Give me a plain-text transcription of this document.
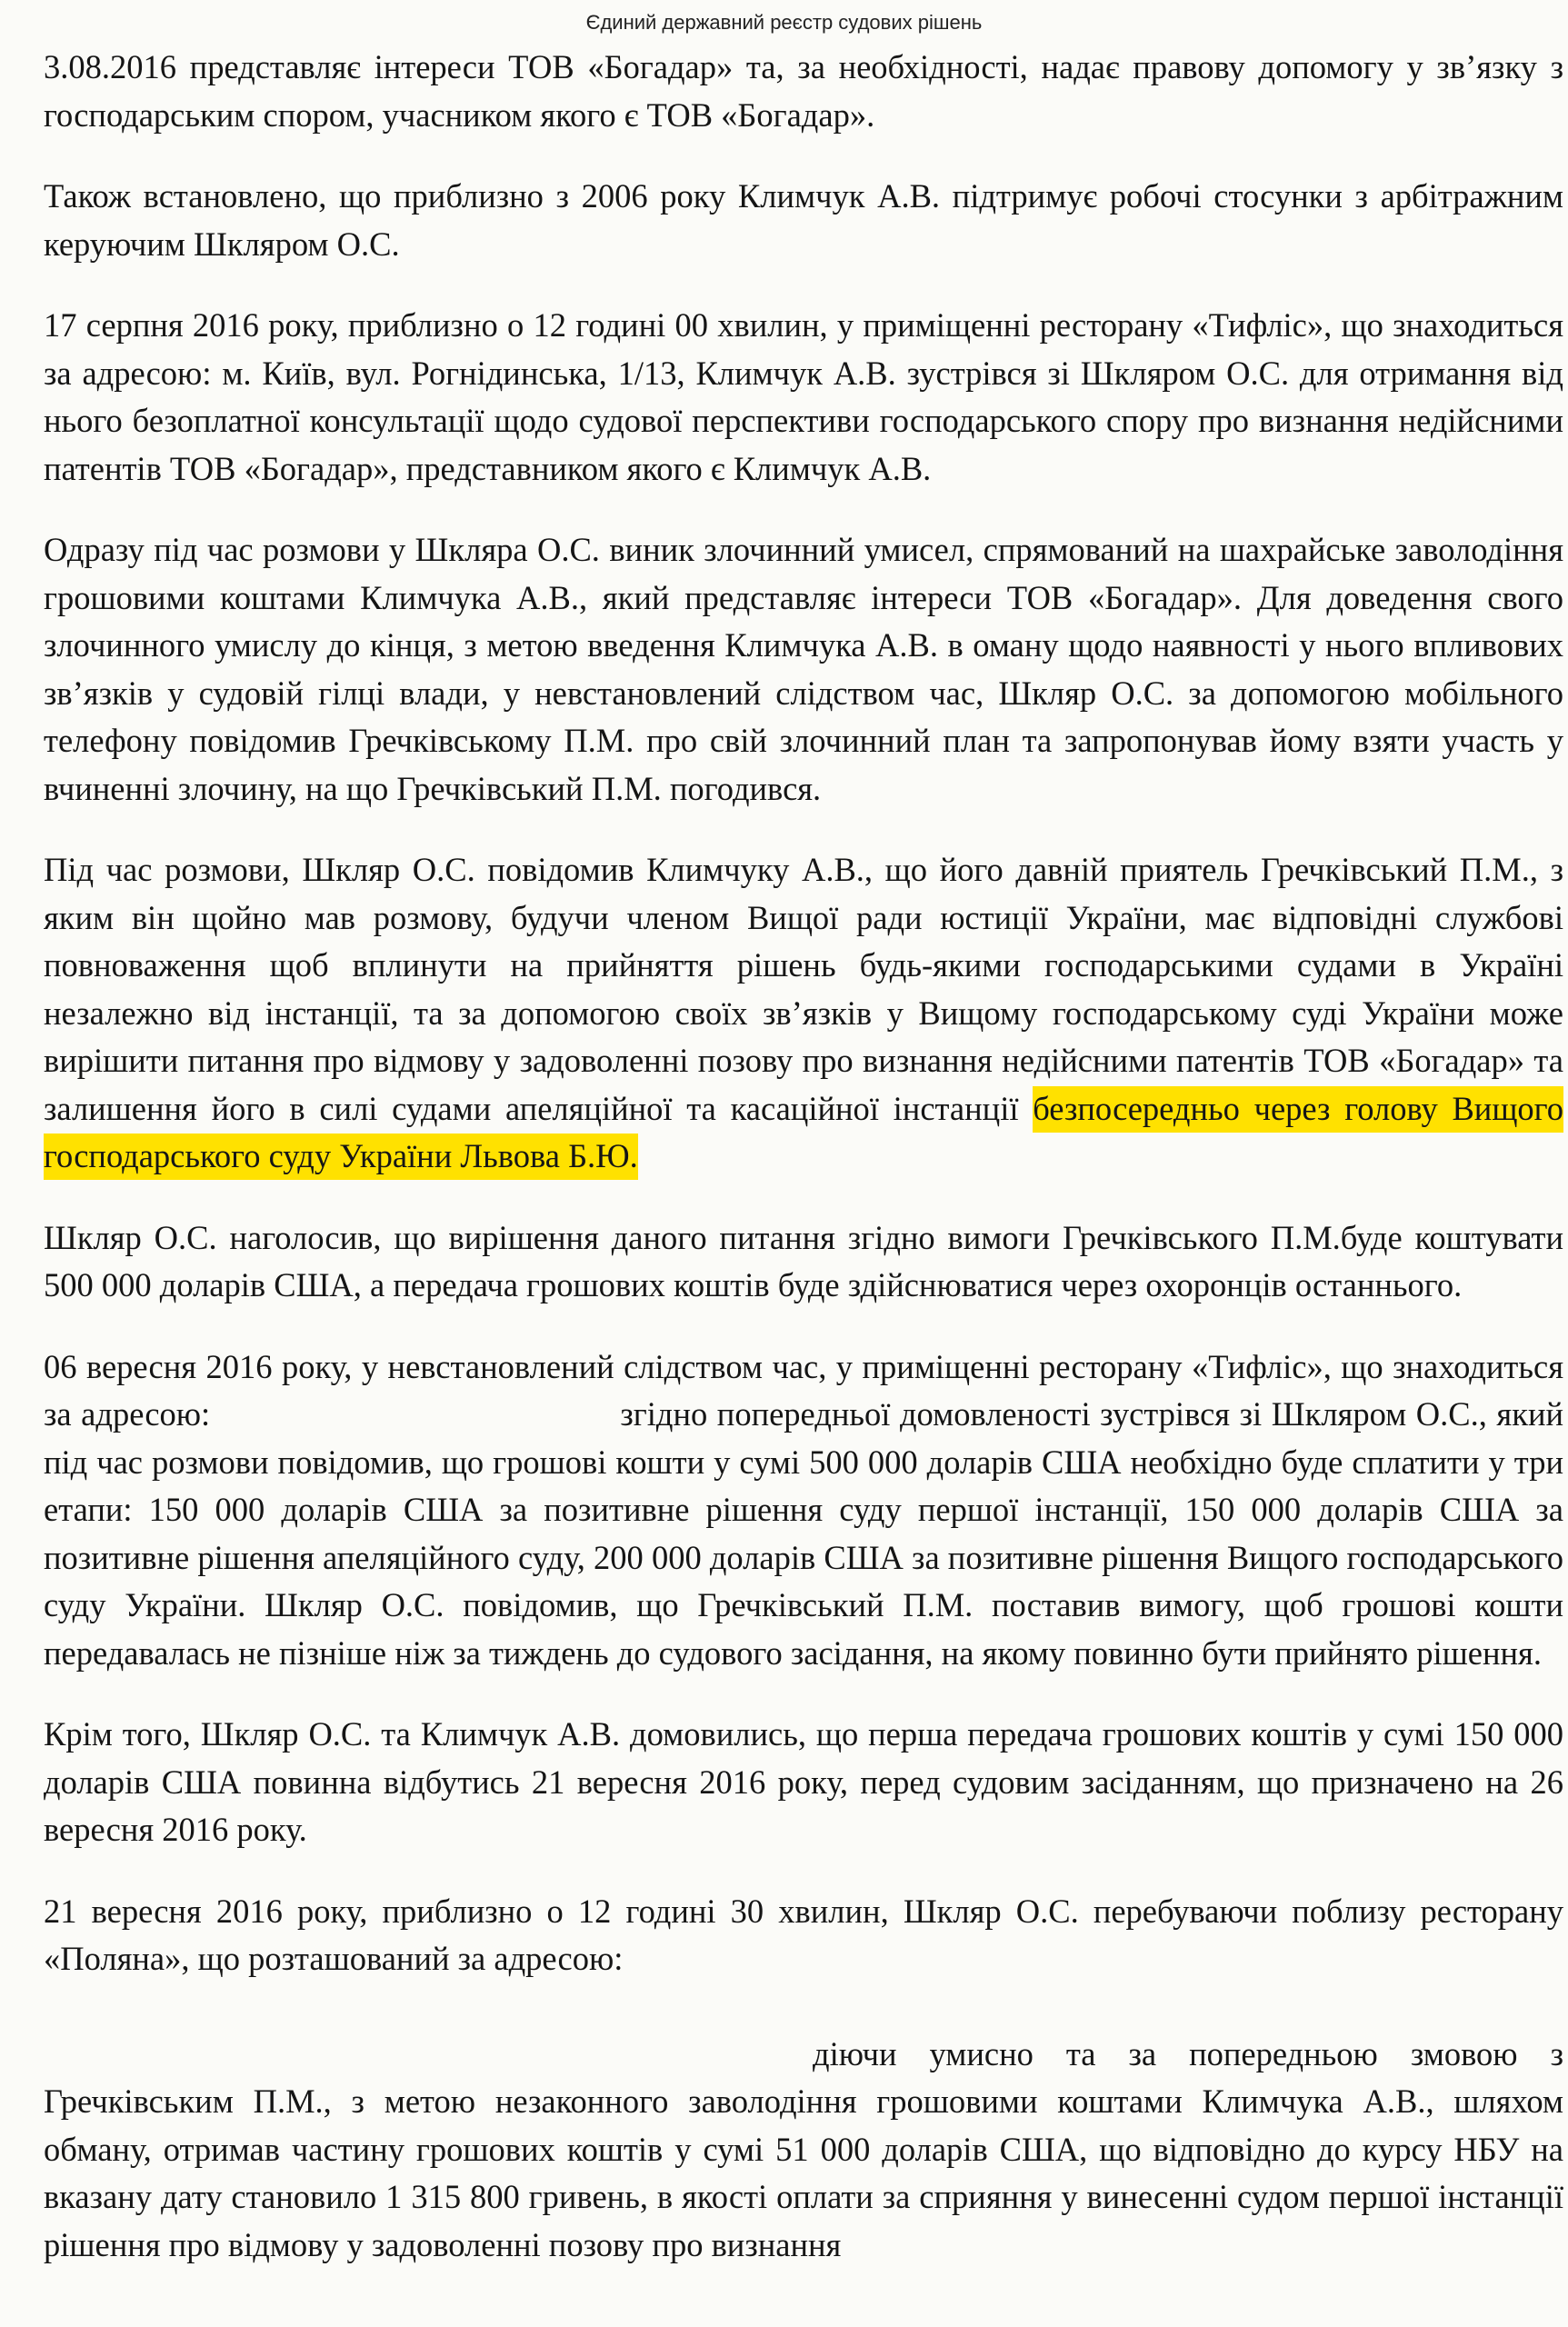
Єдиний державний реєстр судових рішень

3.08.2016 представляє інтереси ТОВ «Богадар» та, за необхідності, надає правову допомогу у зв’язку з господарським спором, учасником якого є ТОВ «Богадар».

Також встановлено, що приблизно з 2006 року Климчук А.В. підтримує робочі стосунки з арбітражним керуючим Шкляром О.С.

17 серпня 2016 року, приблизно о 12 годині 00 хвилин, у приміщенні ресторану «Тифліс», що знаходиться за адресою: м. Київ, вул. Рогнідинська, 1/13, Климчук А.В. зустрівся зі Шкляром О.С. для отримання від нього безоплатної консультації щодо судової перспективи господарського спору про визнання недійсними патентів ТОВ «Богадар», представником якого є Климчук А.В.

Одразу під час розмови у Шкляра О.С. виник злочинний умисел, спрямований на шахрайське заволодіння грошовими коштами Климчука А.В., який представляє інтереси ТОВ «Богадар». Для доведення свого злочинного умислу до кінця, з метою введення Климчука А.В. в оману щодо наявності у нього впливових зв’язків у судовій гілці влади, у невстановлений слідством час, Шкляр О.С. за допомогою мобільного телефону повідомив Гречківському П.М. про свій злочинний план та запропонував йому взяти участь у вчиненні злочину, на що Гречківський П.М. погодився.

Під час розмови, Шкляр О.С. повідомив Климчуку А.В., що його давній приятель Гречківський П.М., з яким він щойно мав розмову, будучи членом Вищої ради юстиції України, має відповідні службові повноваження щоб вплинути на прийняття рішень будь-якими господарськими судами в Україні незалежно від інстанції, та за допомогою своїх зв’язків у Вищому господарському суді України може вирішити питання про відмову у задоволенні позову про визнання недійсними патентів ТОВ «Богадар» та залишення його в силі судами апеляційної та касаційної інстанції безпосередньо через голову Вищого господарського суду України Львова Б.Ю.

Шкляр О.С. наголосив, що вирішення даного питання згідно вимоги Гречківського П.М.буде коштувати 500 000 доларів США, а передача грошових коштів буде здійснюватися через охоронців останнього.

06 вересня 2016 року, у невстановлений слідством час, у приміщенні ресторану «Тифліс», що знаходиться за адресою:	згідно попередньої домовленості зустрівся зі Шкляром О.С., який під час розмови повідомив, що грошові кошти у сумі 500 000 доларів США необхідно буде сплатити у три етапи: 150 000 доларів США за позитивне рішення суду першої інстанції, 150 000 доларів США за позитивне рішення апеляційного суду, 200 000 доларів США за позитивне рішення Вищого господарського суду України. Шкляр О.С. повідомив, що Гречківський П.М. поставив вимогу, щоб грошові кошти передавалась не пізніше ніж за тиждень до судового засідання, на якому повинно бути прийнято рішення.

Крім того, Шкляр О.С. та Климчук А.В. домовились, що перша передача грошових коштів у сумі 150 000 доларів США повинна відбутись 21 вересня 2016 року, перед судовим засіданням, що призначено на 26 вересня 2016 року.

21 вересня 2016 року, приблизно о 12 годині 30 хвилин, Шкляр О.С. перебуваючи поблизу ресторану «Поляна», що розташований за адресою:
діючи умисно та за попередньою змовою з Гречківським П.М., з метою незаконного заволодіння грошовими коштами Климчука А.В., шляхом обману, отримав частину грошових коштів у сумі 51 000 доларів США, що відповідно до курсу НБУ на вказану дату становило 1 315 800 гривень, в якості оплати за сприяння у винесенні судом першої інстанції рішення про відмову у задоволенні позову про визнання
